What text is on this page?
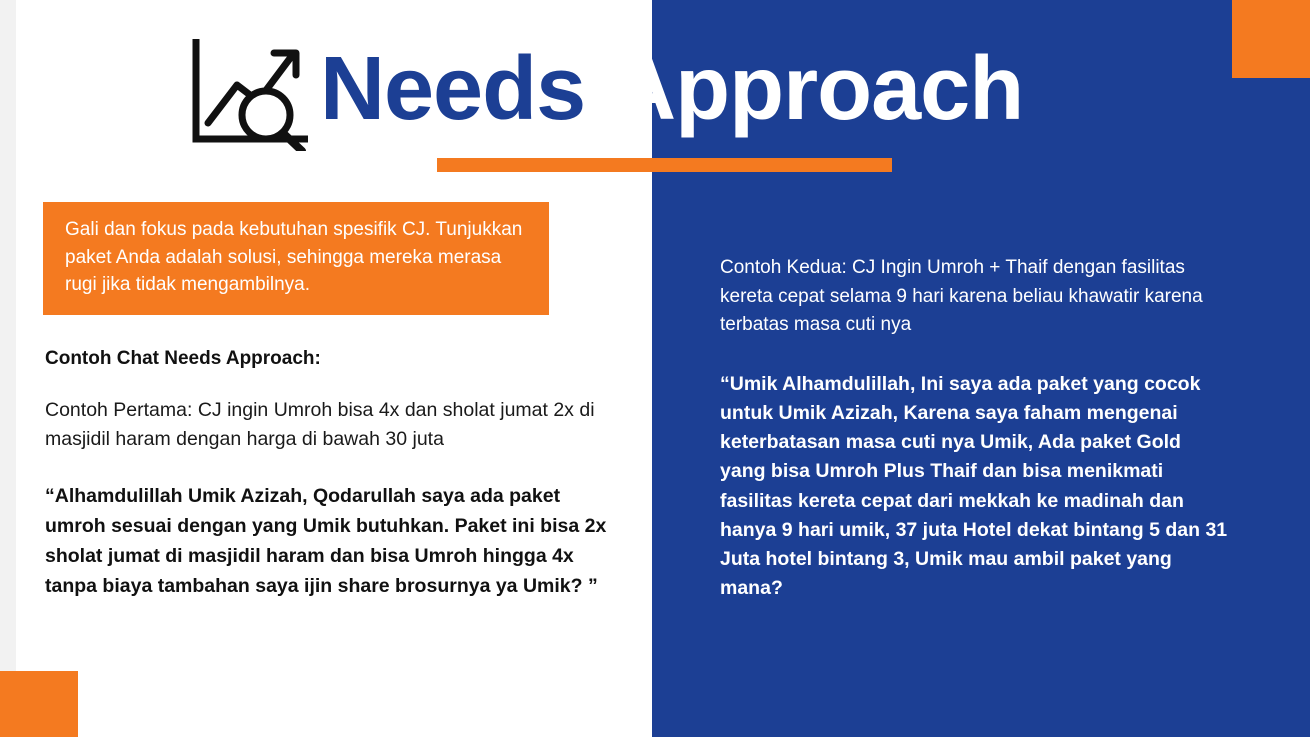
Needs Approach
Gali dan fokus pada kebutuhan spesifik CJ. Tunjukkan paket Anda adalah solusi, sehingga mereka merasa rugi jika tidak mengambilnya.
Contoh Chat Needs Approach:
Contoh Pertama: CJ ingin Umroh bisa 4x dan sholat jumat 2x di masjidil haram dengan harga di bawah 30 juta
“Alhamdulillah Umik Azizah, Qodarullah saya ada paket umroh sesuai dengan yang Umik butuhkan. Paket ini bisa 2x sholat jumat di masjidil haram dan bisa Umroh hingga 4x tanpa biaya tambahan saya ijin share brosurnya ya Umik? ”
Contoh Kedua: CJ Ingin Umroh + Thaif dengan fasilitas kereta cepat selama 9 hari karena beliau khawatir karena terbatas masa cuti nya
“Umik Alhamdulillah, Ini saya ada paket yang cocok untuk Umik Azizah, Karena saya faham mengenai keterbatasan masa cuti nya Umik, Ada paket Gold yang bisa Umroh Plus Thaif dan bisa menikmati fasilitas kereta cepat dari mekkah ke madinah dan hanya 9 hari umik, 37 juta Hotel dekat bintang 5 dan 31 Juta hotel bintang 3, Umik mau ambil paket yang mana?
